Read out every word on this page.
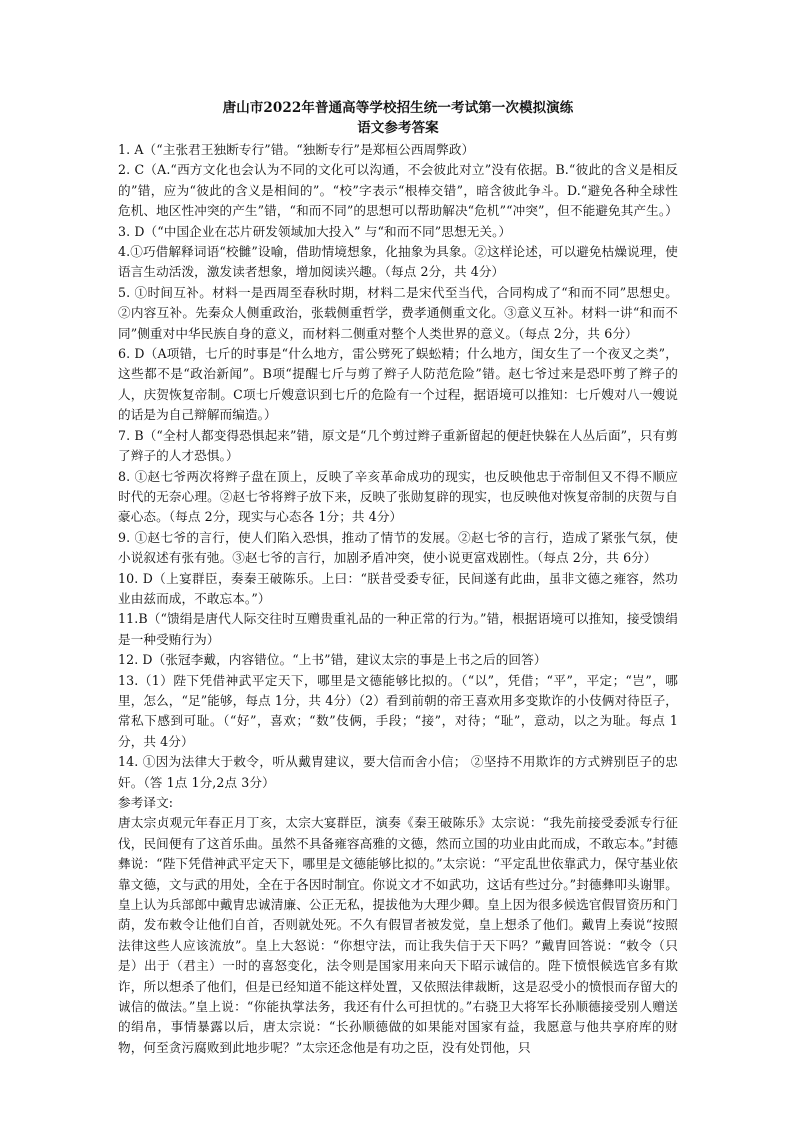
唐山市2022年普通高等学校招生统一考试第一次模拟演练
语文参考答案

1. A（“主张君王独断专行”错。“独断专行”是郑桓公西周弊政）

2. C（A.“西方文化也会认为不同的文化可以沟通，不会彼此对立”没有依据。B.“彼此的含义是相反的”错，应为“彼此的含义是相间的”。“校”字表示“根棒交错”，暗含彼此争斗。D.“避免各种全球性危机、地区性冲突的产生”错，“和而不同”的思想可以帮助解决“危机”“冲突”，但不能避免其产生。）

3. D（“中国企业在芯片研发领域加大投入” 与“和而不同”思想无关。）

4.①巧借解释词语“校雠”设喻，借助情境想象，化抽象为具象。②这样论述，可以避免枯燥说理，使语言生动活泼，激发读者想象，增加阅读兴趣。（每点 2分，共 4分）

5. ①时间互补。材料一是西周至春秋时期，材料二是宋代至当代，合同构成了“和而不同”思想史。②内容互补。先秦众人侧重政治，张载侧重哲学，费孝通侧重文化。③意义互补。材料一讲“和而不同”侧重对中华民族自身的意义，而材料二侧重对整个人类世界的意义。（每点 2分，共 6分）

6. D（A项错，七斤的时事是“什么地方，雷公劈死了蜈蚣精；什么地方，闺女生了一个夜叉之类”，这些都不是“政治新闻”。B项“提醒七斤与剪了辫子人防范危险”错。赵七爷过来是恐吓剪了辫子的人，庆贺恢复帝制。C项七斤嫂意识到七斤的危险有一个过程，据语境可以推知：七斤嫂对八一嫂说的话是为自己辩解而编造。）

7. B（“全村人都变得恐惧起来”错，原文是“几个剪过辫子重新留起的便赶快躲在人丛后面”，只有剪了辫子的人才恐惧。）

8. ①赵七爷两次将辫子盘在顶上，反映了辛亥革命成功的现实，也反映他忠于帝制但又不得不顺应时代的无奈心理。②赵七爷将辫子放下来，反映了张勋复辟的现实，也反映他对恢复帝制的庆贺与自豪心态。（每点 2分，现实与心态各 1分；共 4分）

9. ①赵七爷的言行，使人们陷入恐惧，推动了情节的发展。②赵七爷的言行，造成了紧张气氛，使小说叙述有张有弛。③赵七爷的言行，加剧矛盾冲突，使小说更富戏剧性。（每点 2分，共 6分）

10. D（上宴群臣，奏秦王破陈乐。上曰：“朕昔受委专征，民间遂有此曲，虽非文德之雍容，然功业由兹而成，不敢忘本。”）

11.B（“馈绢是唐代人际交往时互赠贵重礼品的一种正常的行为。”错，根据语境可以推知，接受馈绢是一种受贿行为）

12. D（张冠李戴，内容错位。“上书”错，建议太宗的事是上书之后的回答）

13.（1）陛下凭借神武平定天下，哪里是文德能够比拟的。（“以”，凭借；“平”，平定；“岂”，哪里，怎么，“足”能够，每点 1分，共 4分）（2）看到前朝的帝王喜欢用多变欺诈的小伎俩对待臣子，常私下感到可耻。（“好”，喜欢；“数”伎俩，手段；“接”，对待；“耻”，意动，以之为耻。每点 1分，共 4分）

14. ①因为法律大于敕令，听从戴胄建议，要大信而舍小信； ②坚持不用欺诈的方式辨别臣子的忠奸。（答 1点 1分,2点 3分）

参考译文:

唐太宗贞观元年春正月丁亥，太宗大宴群臣，演奏《秦王破陈乐》太宗说：“我先前接受委派专行征伐，民间便有了这首乐曲。虽然不具备雍容高雅的文德，然而立国的功业由此而成，不敢忘本。”封德彝说：“陛下凭借神武平定天下，哪里是文德能够比拟的。”太宗说：“平定乱世依靠武力，保守基业依靠文德，文与武的用处，全在于各因时制宜。你说文才不如武功，这话有些过分。”封德彝叩头谢罪。皇上认为兵部郎中戴胄忠诚清廉、公正无私，提拔他为大理少卿。皇上因为很多候选官假冒资历和门荫，发布敕令让他们自首，否则就处死。不久有假冒者被发觉，皇上想杀了他们。戴胄上奏说“按照法律这些人应该流放”。皇上大怒说：“你想守法，而让我失信于天下吗？”戴胄回答说：“敕令（只是）出于（君主）一时的喜怒变化，法令则是国家用来向天下昭示诚信的。陛下愤恨候选官多有欺诈，所以想杀了他们，但是已经知道不能这样处置，又依照法律裁断，这是忍受小的愤恨而存留大的诚信的做法。”皇上说：“你能执掌法务，我还有什么可担忧的。”右骁卫大将军长孙顺德接受别人赠送的绢帛，事情暴露以后，唐太宗说：“长孙顺德做的如果能对国家有益，我愿意与他共享府库的财物，何至贪污腐败到此地步呢？”太宗还念他是有功之臣，没有处罚他，只
